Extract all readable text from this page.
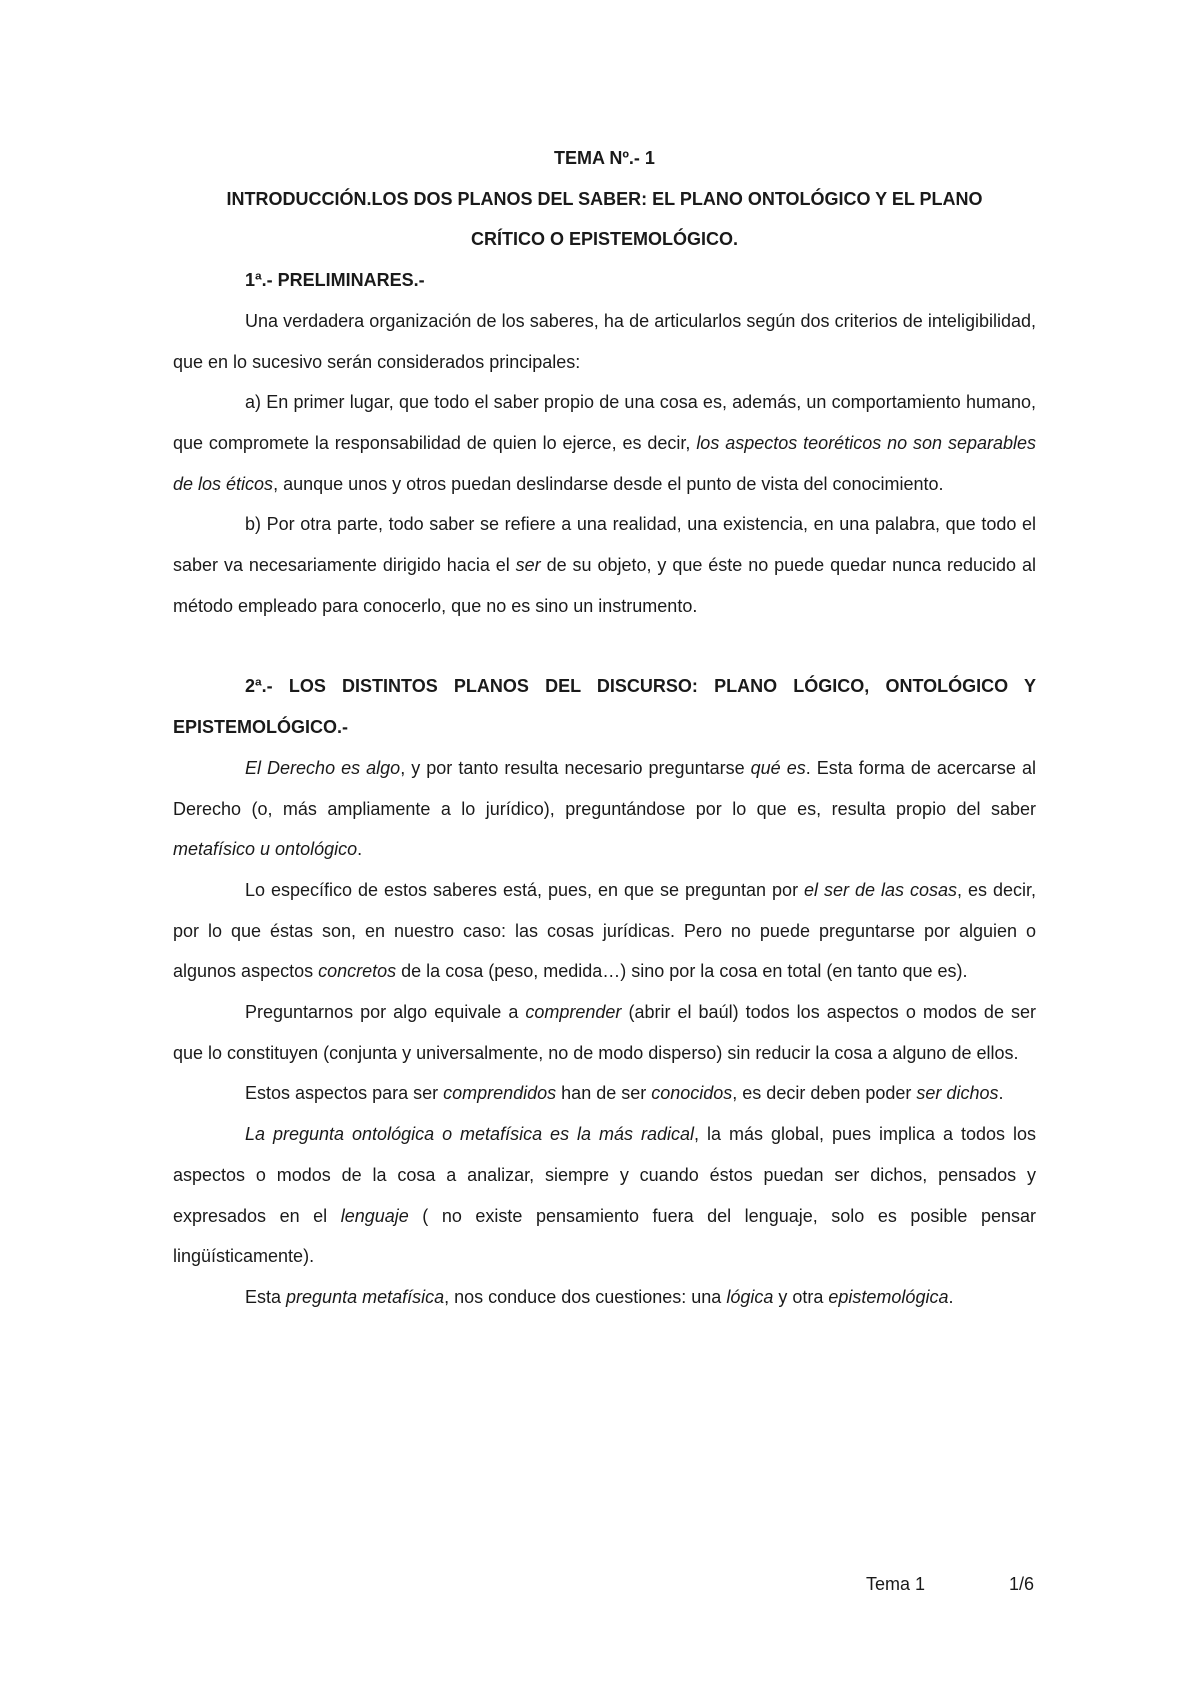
TEMA Nº.- 1

INTRODUCCIÓN.LOS DOS PLANOS DEL SABER: EL PLANO ONTOLÓGICO Y EL PLANO

CRÍTICO O EPISTEMOLÓGICO.

1ª.- PRELIMINARES.-

Una verdadera organización de los saberes, ha de articularlos según dos criterios de inteligibilidad, que en lo sucesivo serán considerados principales:

a) En primer lugar, que todo el saber propio de una cosa es, además, un comportamiento humano, que compromete la responsabilidad de quien lo ejerce, es decir, los aspectos teoréticos no son separables de los éticos, aunque unos y otros puedan deslindarse desde el punto de vista del conocimiento.

b) Por otra parte, todo saber se refiere a una realidad, una existencia, en una palabra, que todo el saber va necesariamente dirigido hacia el ser de su objeto, y que éste no puede quedar nunca reducido al método empleado para conocerlo, que no es sino un instrumento.

2ª.- LOS DISTINTOS PLANOS DEL DISCURSO: PLANO LÓGICO, ONTOLÓGICO Y EPISTEMOLÓGICO.-

El Derecho es algo, y por tanto resulta necesario preguntarse qué es. Esta forma de acercarse al Derecho (o, más ampliamente a lo jurídico), preguntándose por lo que es, resulta propio del saber metafísico u ontológico.

Lo específico de estos saberes está, pues, en que se preguntan por el ser de las cosas, es decir, por lo que éstas son, en nuestro caso: las cosas jurídicas. Pero no puede preguntarse por alguien o algunos aspectos concretos de la cosa (peso, medida…) sino por la cosa en total (en tanto que es).

Preguntarnos por algo equivale a comprender (abrir el baúl) todos los aspectos o modos de ser que lo constituyen (conjunta y universalmente, no de modo disperso) sin reducir la cosa a alguno de ellos.

Estos aspectos para ser comprendidos han de ser conocidos, es decir deben poder ser dichos.

La pregunta ontológica o metafísica es la más radical, la más global, pues implica a todos los aspectos o modos de la cosa a analizar, siempre y cuando éstos puedan ser dichos, pensados y expresados en el lenguaje ( no existe pensamiento fuera del lenguaje, solo es posible pensar lingüísticamente).

Esta pregunta metafísica, nos conduce dos cuestiones: una lógica y otra epistemológica.

Tema 1	1/6
